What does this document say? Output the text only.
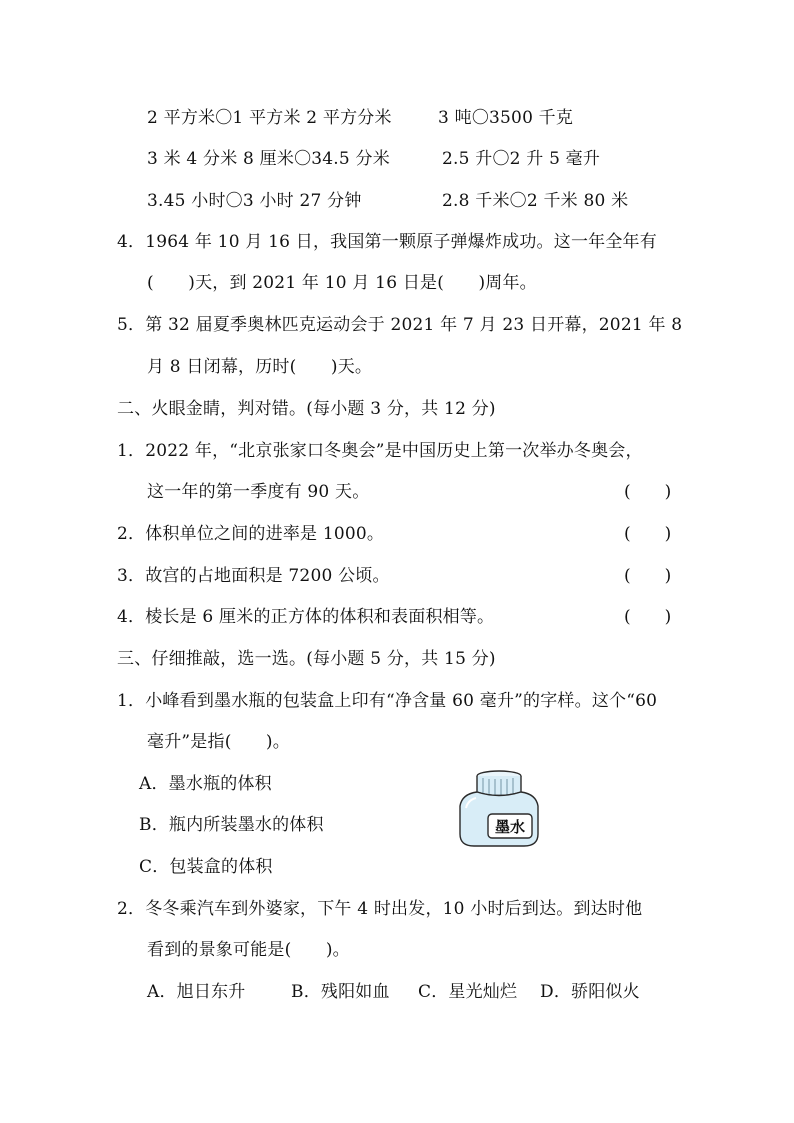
2 平方米〇1 平方米 2 平方分米	3 吨〇3500 千克
3 米 4 分米 8 厘米〇34.5 分米	2.5 升〇2 升 5 毫升
3.45 小时〇3 小时 27 分钟	2.8 千米〇2 千米 80 米
4．1964 年 10 月 16 日，我国第一颗原子弹爆炸成功。这一年全年有
(　　)天，到 2021 年 10 月 16 日是(　　)周年。
5．第 32 届夏季奥林匹克运动会于 2021 年 7 月 23 日开幕，2021 年 8
月 8 日闭幕，历时(　　)天。
二、火眼金睛，判对错。(每小题 3 分，共 12 分)
1．2022 年，“北京张家口冬奥会”是中国历史上第一次举办冬奥会，
这一年的第一季度有 90 天。	(　　)
2．体积单位之间的进率是 1000。	(　　)
3．故宫的占地面积是 7200 公顷。	(　　)
4．棱长是 6 厘米的正方体的体积和表面积相等。	(　　)
三、仔细推敲，选一选。(每小题 5 分，共 15 分)
1．小峰看到墨水瓶的包装盒上印有“净含量 60 毫升”的字样。这个“60
毫升”是指(　　)。
A．墨水瓶的体积
B．瓶内所装墨水的体积
C．包装盒的体积
墨水
2．冬冬乘汽车到外婆家，下午 4 时出发，10 小时后到达。到达时他
看到的景象可能是(　　)。
A．旭日东升	B．残阳如血 C．星光灿烂 D．骄阳似火
